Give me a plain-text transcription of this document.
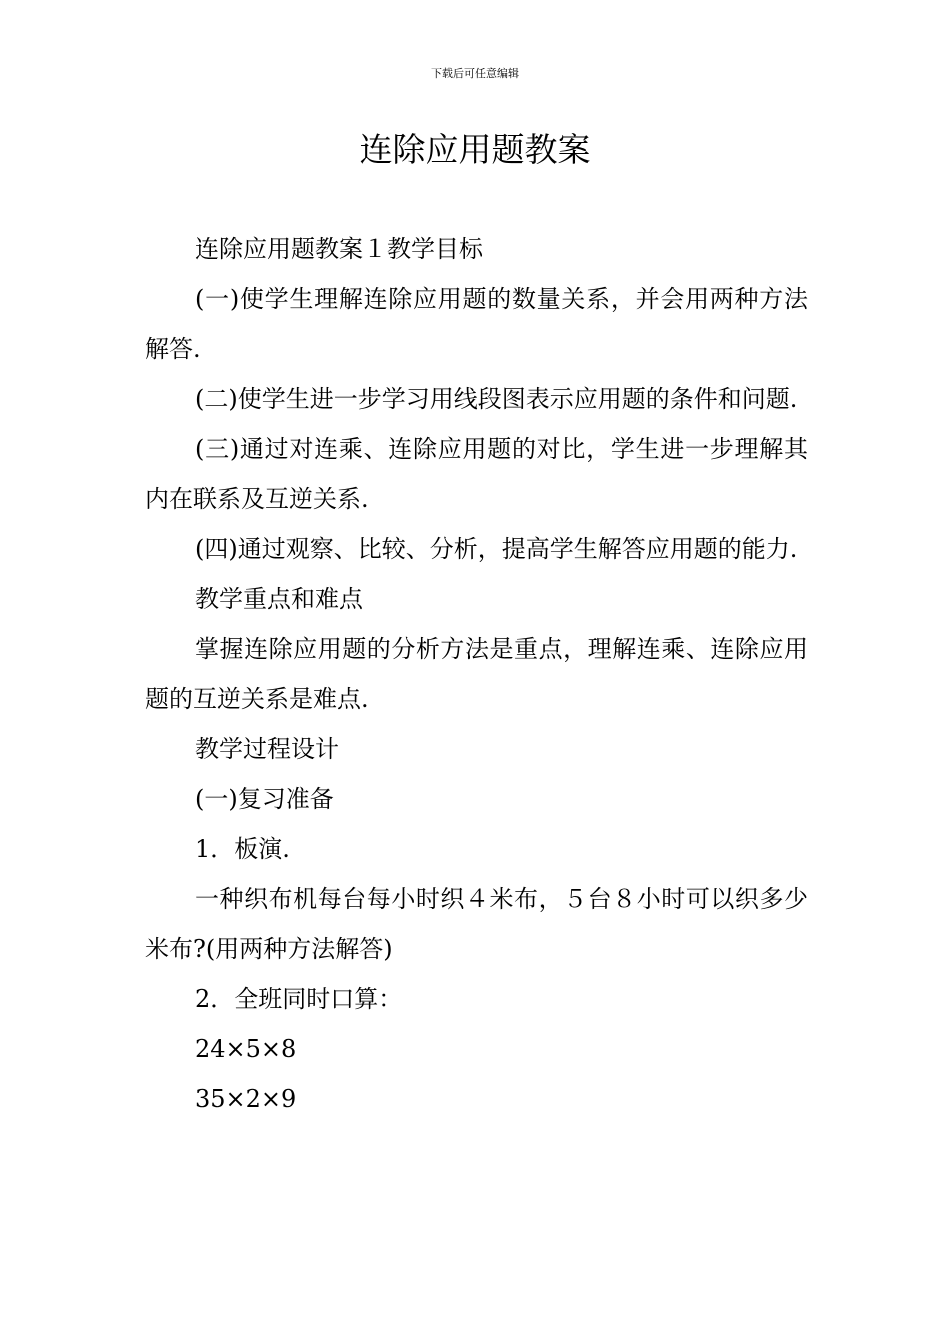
下载后可任意编辑
连除应用题教案

连除应用题教案１教学目标

(一)使学生理解连除应用题的数量关系，并会用两种方法解答.

(二)使学生进一步学习用线段图表示应用题的条件和问题.

(三)通过对连乘、连除应用题的对比，学生进一步理解其内在联系及互逆关系.

(四)通过观察、比较、分析，提高学生解答应用题的能力.

教学重点和难点

掌握连除应用题的分析方法是重点，理解连乘、连除应用题的互逆关系是难点.

教学过程设计

(一)复习准备

1．板演.

一种织布机每台每小时织４米布，５台８小时可以织多少米布?(用两种方法解答)

2．全班同时口算：

24×5×8

35×2×9
